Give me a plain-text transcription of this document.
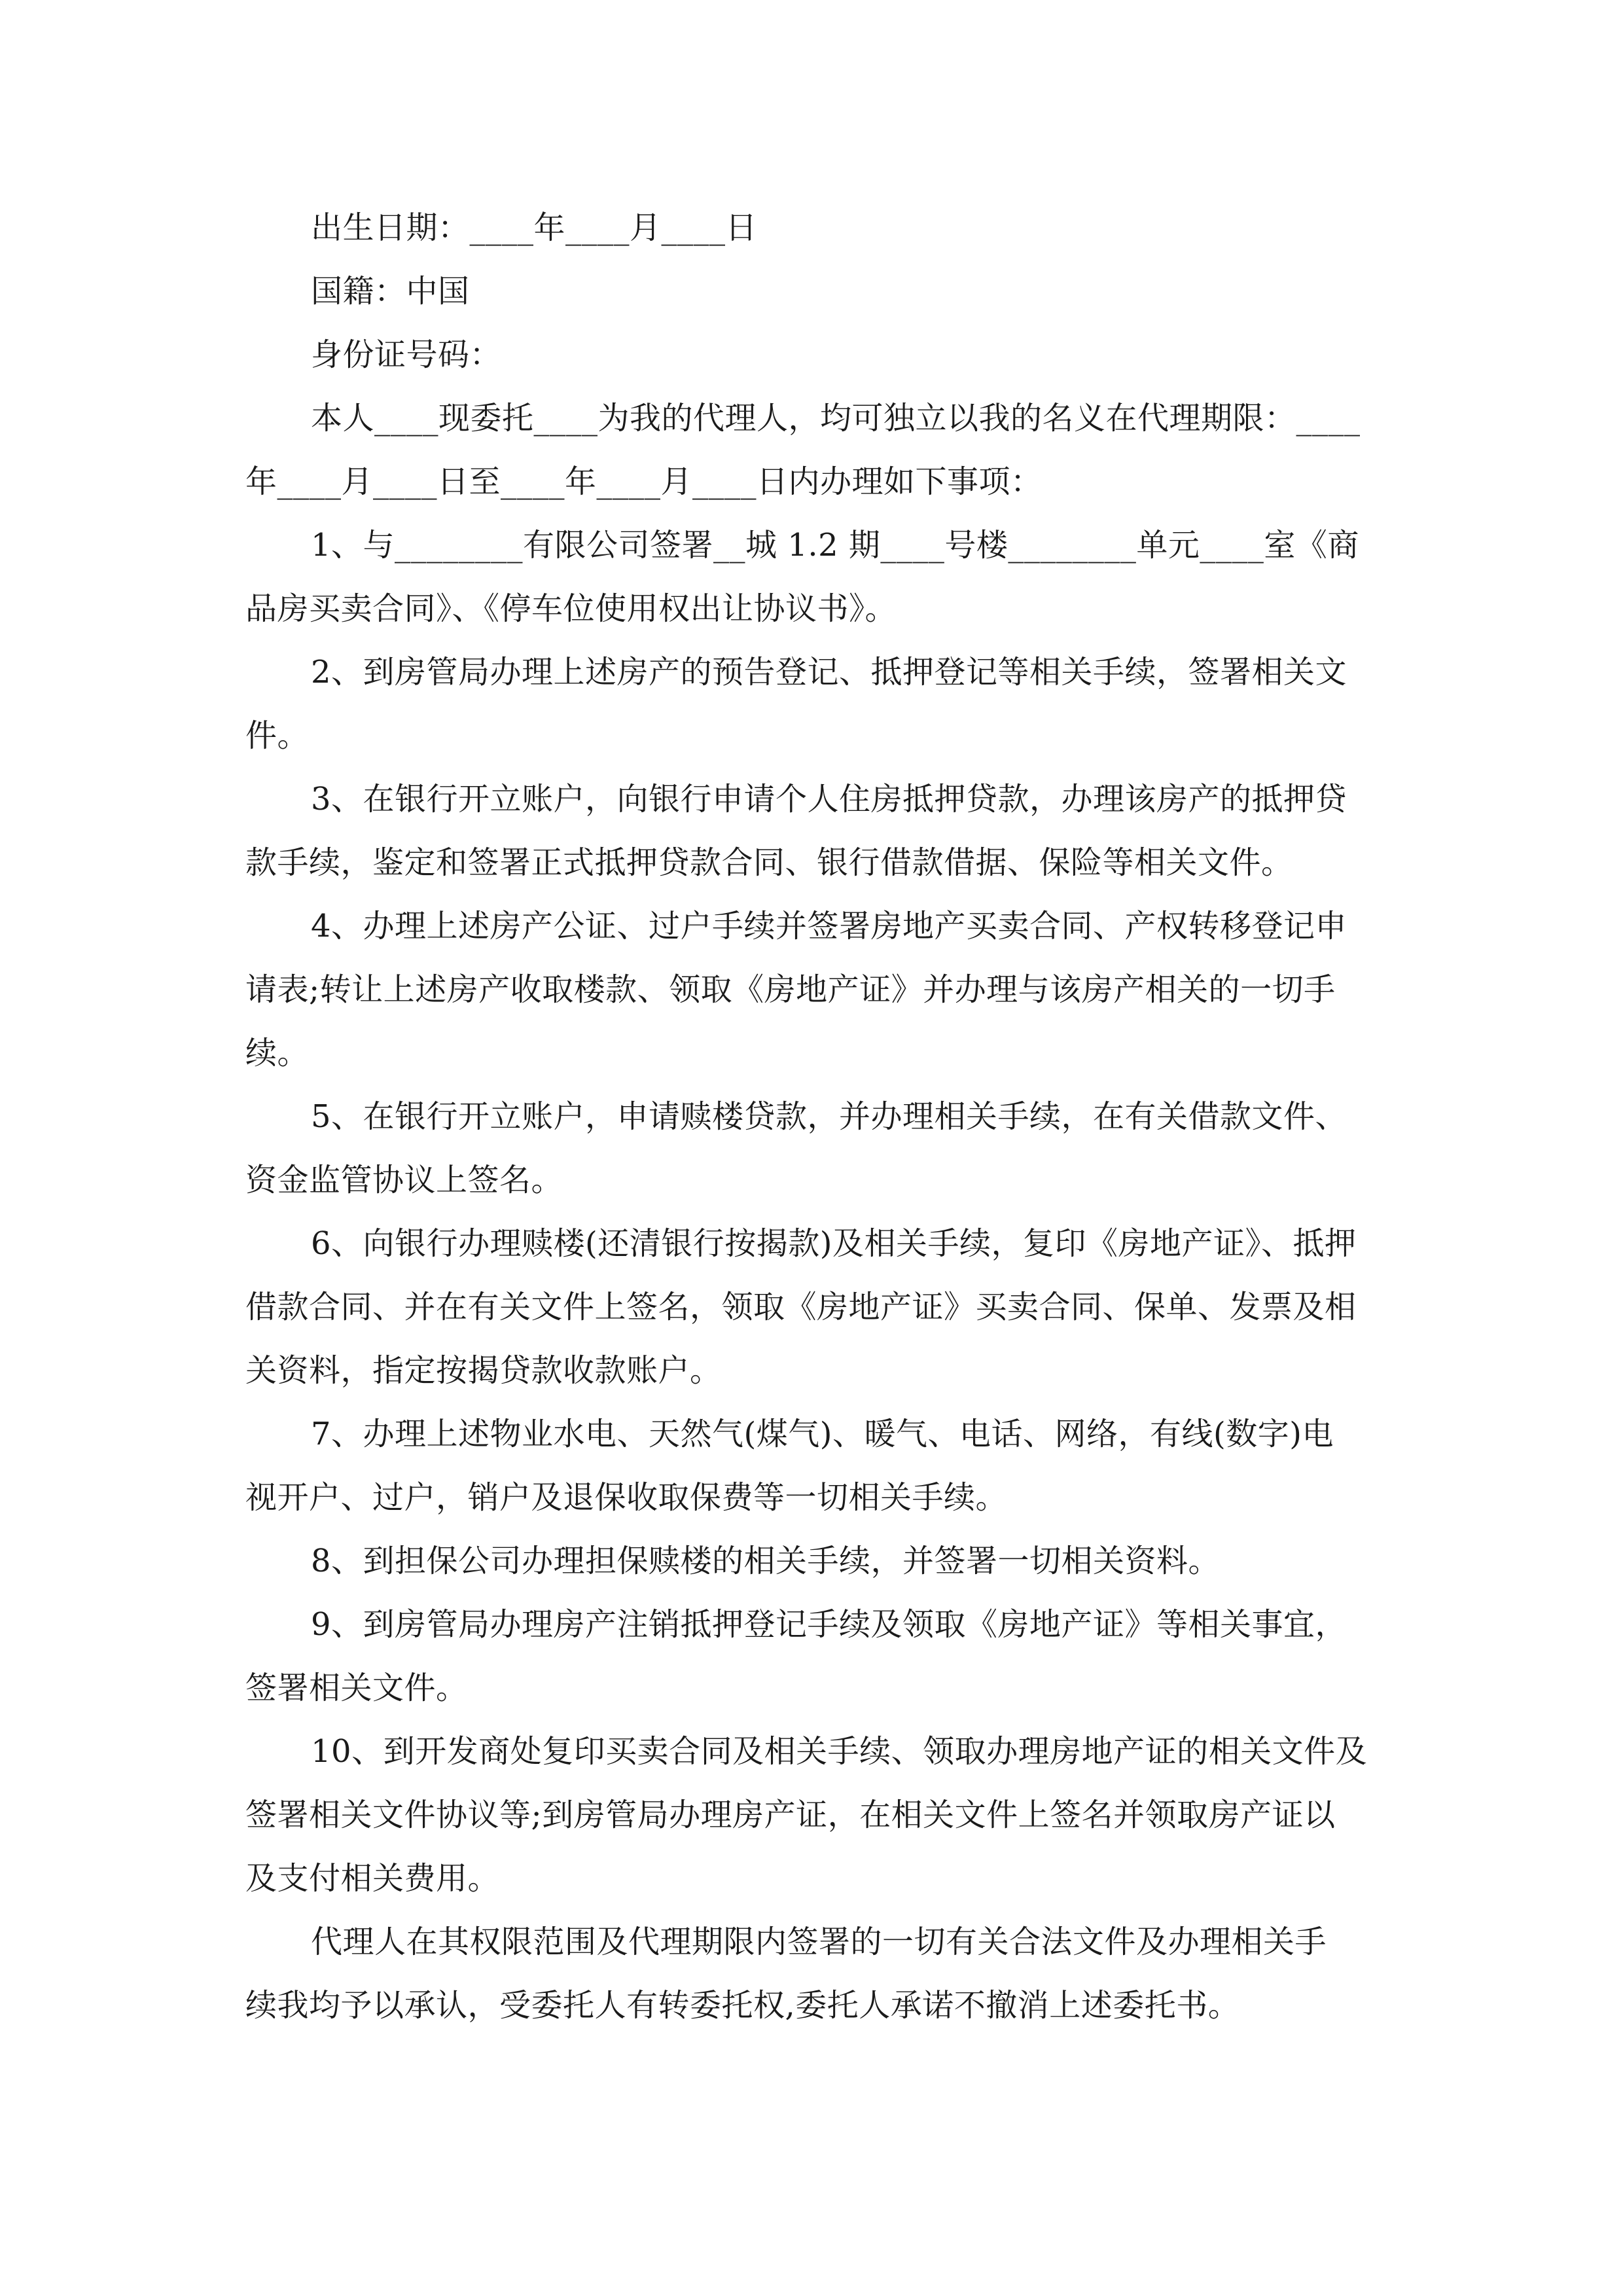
出生日期：____年____月____日
国籍：中国
身份证号码：
本人____现委托____为我的代理人，均可独立以我的名义在代理期限：____
年____月____日至____年____月____日内办理如下事项：
1、与________有限公司签署__城 1.2 期____号楼________单元____室《商
品房买卖合同》、《停车位使用权出让协议书》。
2、到房管局办理上述房产的预告登记、抵押登记等相关手续，签署相关文
件。
3、在银行开立账户，向银行申请个人住房抵押贷款，办理该房产的抵押贷
款手续，鉴定和签署正式抵押贷款合同、银行借款借据、保险等相关文件。
4、办理上述房产公证、过户手续并签署房地产买卖合同、产权转移登记申
请表;转让上述房产收取楼款、领取《房地产证》并办理与该房产相关的一切手
续。
5、在银行开立账户，申请赎楼贷款，并办理相关手续，在有关借款文件、
资金监管协议上签名。
6、向银行办理赎楼(还清银行按揭款)及相关手续，复印《房地产证》、抵押
借款合同、并在有关文件上签名，领取《房地产证》买卖合同、保单、发票及相
关资料，指定按揭贷款收款账户。
7、办理上述物业水电、天然气(煤气)、暖气、电话、网络，有线(数字)电
视开户、过户，销户及退保收取保费等一切相关手续。
8、到担保公司办理担保赎楼的相关手续，并签署一切相关资料。
9、到房管局办理房产注销抵押登记手续及领取《房地产证》等相关事宜，
签署相关文件。
10、到开发商处复印买卖合同及相关手续、领取办理房地产证的相关文件及
签署相关文件协议等;到房管局办理房产证，在相关文件上签名并领取房产证以
及支付相关费用。
代理人在其权限范围及代理期限内签署的一切有关合法文件及办理相关手
续我均予以承认，受委托人有转委托权,委托人承诺不撤消上述委托书。
